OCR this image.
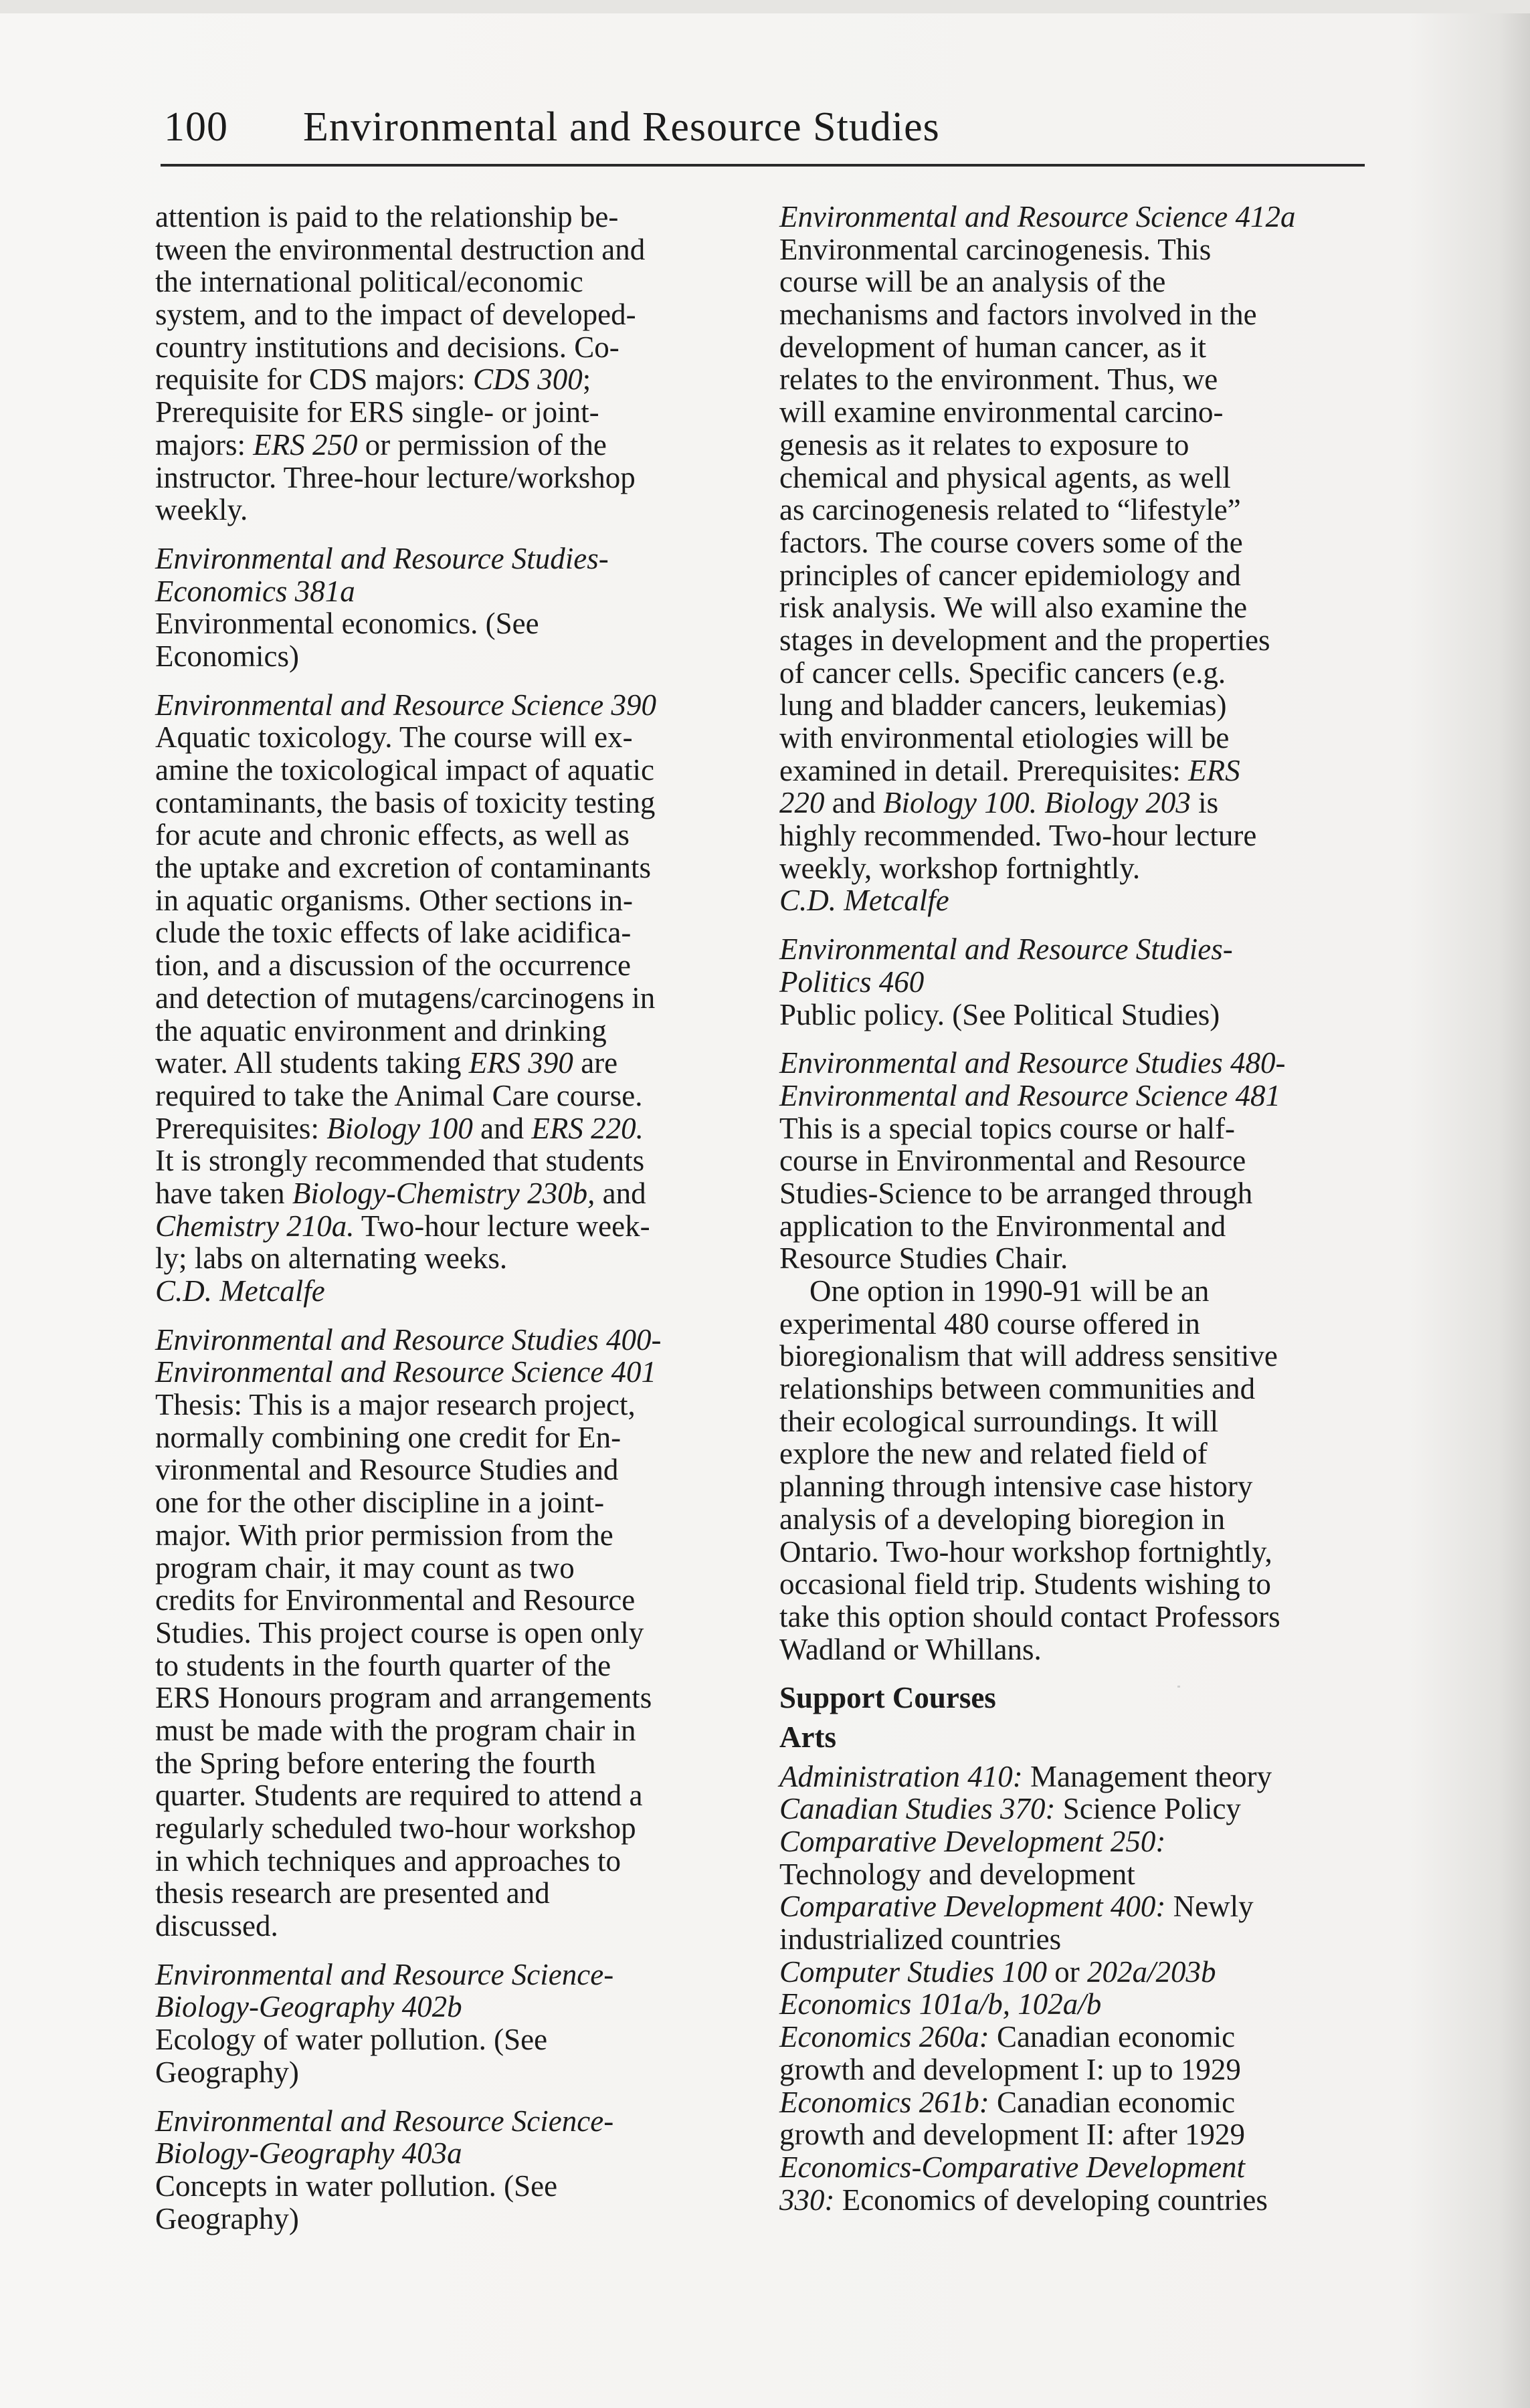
100 Environmental and Resource Studies
attention is paid to the relationship be-
tween the environmental destruction and
the international political/economic
system, and to the impact of developed-
country institutions and decisions. Co-
requisite for CDS majors: CDS 300;
Prerequisite for ERS single- or joint-
majors: ERS 250 or permission of the
instructor. Three-hour lecture/workshop
weekly.
Environmental and Resource Studies-
Economics 381a
Environmental economics. (See
Economics)
Environmental and Resource Science 390
Aquatic toxicology. The course will ex-
amine the toxicological impact of aquatic
contaminants, the basis of toxicity testing
for acute and chronic effects, as well as
the uptake and excretion of contaminants
in aquatic organisms. Other sections in-
clude the toxic effects of lake acidifica-
tion, and a discussion of the occurrence
and detection of mutagens/carcinogens in
the aquatic environment and drinking
water. All students taking ERS 390 are
required to take the Animal Care course.
Prerequisites: Biology 100 and ERS 220.
It is strongly recommended that students
have taken Biology-Chemistry 230b, and
Chemistry 210a. Two-hour lecture week-
ly; labs on alternating weeks.
C.D. Metcalfe
Environmental and Resource Studies 400-
Environmental and Resource Science 401
Thesis: This is a major research project,
normally combining one credit for En-
vironmental and Resource Studies and
one for the other discipline in a joint-
major. With prior permission from the
program chair, it may count as two
credits for Environmental and Resource
Studies. This project course is open only
to students in the fourth quarter of the
ERS Honours program and arrangements
must be made with the program chair in
the Spring before entering the fourth
quarter. Students are required to attend a
regularly scheduled two-hour workshop
in which techniques and approaches to
thesis research are presented and
discussed.
Environmental and Resource Science-
Biology-Geography 402b
Ecology of water pollution. (See
Geography)
Environmental and Resource Science-
Biology-Geography 403a
Concepts in water pollution. (See
Geography)
Environmental and Resource Science 412a
Environmental carcinogenesis. This
course will be an analysis of the
mechanisms and factors involved in the
development of human cancer, as it
relates to the environment. Thus, we
will examine environmental carcino-
genesis as it relates to exposure to
chemical and physical agents, as well
as carcinogenesis related to “lifestyle”
factors. The course covers some of the
principles of cancer epidemiology and
risk analysis. We will also examine the
stages in development and the properties
of cancer cells. Specific cancers (e.g.
lung and bladder cancers, leukemias)
with environmental etiologies will be
examined in detail. Prerequisites: ERS
220 and Biology 100. Biology 203 is
highly recommended. Two-hour lecture
weekly, workshop fortnightly.
C.D. Metcalfe
Environmental and Resource Studies-
Politics 460
Public policy. (See Political Studies)
Environmental and Resource Studies 480-
Environmental and Resource Science 481
This is a special topics course or half-
course in Environmental and Resource
Studies-Science to be arranged through
application to the Environmental and
Resource Studies Chair.
One option in 1990-91 will be an
experimental 480 course offered in
bioregionalism that will address sensitive
relationships between communities and
their ecological surroundings. It will
explore the new and related field of
planning through intensive case history
analysis of a developing bioregion in
Ontario. Two-hour workshop fortnightly,
occasional field trip. Students wishing to
take this option should contact Professors
Wadland or Whillans.
Support Courses
Arts
Administration 410: Management theory
Canadian Studies 370: Science Policy
Comparative Development 250:
Technology and development
Comparative Development 400: Newly
industrialized countries
Computer Studies 100 or 202a/203b
Economics 101a/b, 102a/b
Economics 260a: Canadian economic
growth and development I: up to 1929
Economics 261b: Canadian economic
growth and development II: after 1929
Economics-Comparative Development
330: Economics of developing countries
